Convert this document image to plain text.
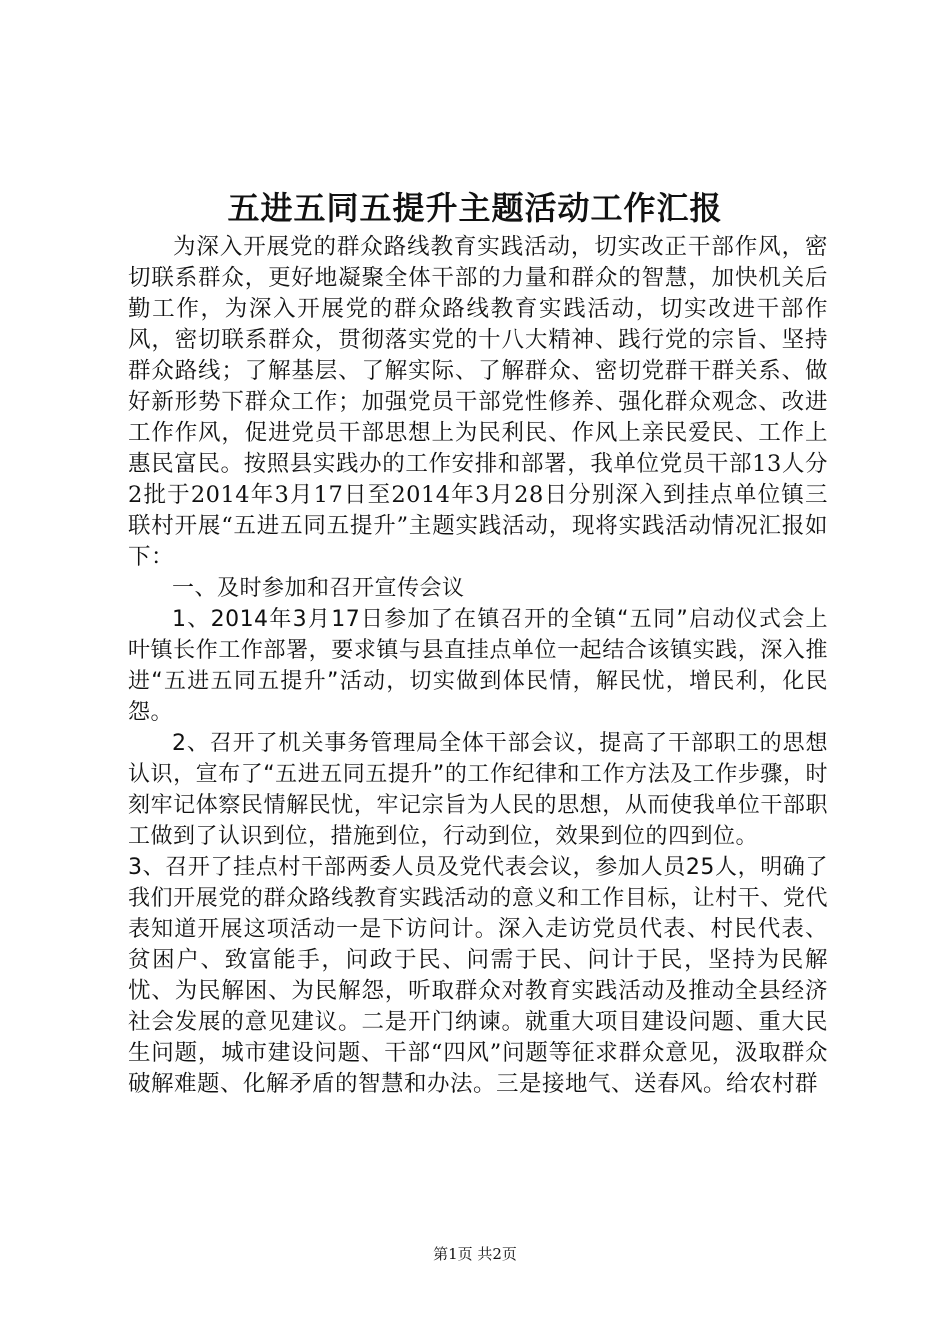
五进五同五提升主题活动工作汇报

为深入开展党的群众路线教育实践活动，切实改正干部作风，密切联系群众，更好地凝聚全体干部的力量和群众的智慧，加快机关后勤工作，为深入开展党的群众路线教育实践活动，切实改进干部作风，密切联系群众，贯彻落实党的十八大精神、践行党的宗旨、坚持群众路线；了解基层、了解实际、了解群众、密切党群干群关系、做好新形势下群众工作；加强党员干部党性修养、强化群众观念、改进工作作风，促进党员干部思想上为民利民、作风上亲民爱民、工作上惠民富民。按照县实践办的工作安排和部署，我单位党员干部13人分2批于2014年3月17日至2014年3月28日分别深入到挂点单位镇三联村开展“五进五同五提升”主题实践活动，现将实践活动情况汇报如下：

一、及时参加和召开宣传会议

1、2014年3月17日参加了在镇召开的全镇“五同”启动仪式会上叶镇长作工作部署，要求镇与县直挂点单位一起结合该镇实践，深入推进“五进五同五提升”活动，切实做到体民情，解民忧，增民利，化民怨。

2、召开了机关事务管理局全体干部会议，提高了干部职工的思想认识，宣布了“五进五同五提升”的工作纪律和工作方法及工作步骤，时刻牢记体察民情解民忧，牢记宗旨为人民的思想，从而使我单位干部职工做到了认识到位，措施到位，行动到位，效果到位的四到位。

3、召开了挂点村干部两委人员及党代表会议，参加人员25人，明确了我们开展党的群众路线教育实践活动的意义和工作目标，让村干、党代表知道开展这项活动一是下访问计。

深入走访党员代表、村民代表、贫困户、致富能手，问政于民、问需于民、问计于民，坚持为民解忧、为民解困、为民解怨，听取群众对教育实践活动及推动全县经济社会发展的意见建议。二是开门纳谏。就重大项目建设问题、重大民生问题，城市建设问题、干部“四风”问题等征求群众意见，汲取群众破解难题、化解矛盾的智慧和办法。三是接地气、送春风。给农村群
第1页 共2页
